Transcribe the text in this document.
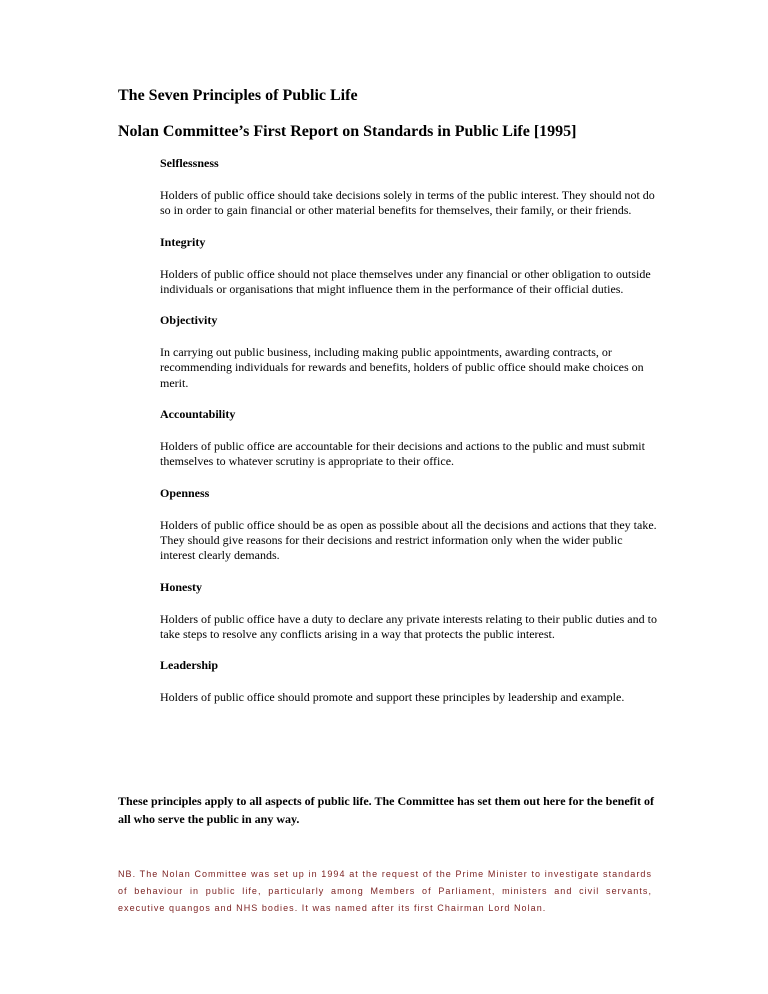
The Seven Principles of Public Life
Nolan Committee’s First Report on Standards in Public Life [1995]

Selflessness

Holders of public office should take decisions solely in terms of the public interest. They should not do so in order to gain financial or other material benefits for themselves, their family, or their friends.

Integrity

Holders of public office should not place themselves under any financial or other obligation to outside individuals or organisations that might influence them in the performance of their official duties.

Objectivity

In carrying out public business, including making public appointments, awarding contracts, or recommending individuals for rewards and benefits, holders of public office should make choices on merit.

Accountability

Holders of public office are accountable for their decisions and actions to the public and must submit themselves to whatever scrutiny is appropriate to their office.

Openness

Holders of public office should be as open as possible about all the decisions and actions that they take. They should give reasons for their decisions and restrict information only when the wider public interest clearly demands.

Honesty

Holders of public office have a duty to declare any private interests relating to their public duties and to take steps to resolve any conflicts arising in a way that protects the public interest.

Leadership

Holders of public office should promote and support these principles by leadership and example.

These principles apply to all aspects of public life. The Committee has set them out here for the benefit of all who serve the public in any way.

NB. The Nolan Committee was set up in 1994 at the request of the Prime Minister to investigate standards of behaviour in public life, particularly among Members of Parliament, ministers and civil servants, executive quangos and NHS bodies. It was named after its first Chairman Lord Nolan.
